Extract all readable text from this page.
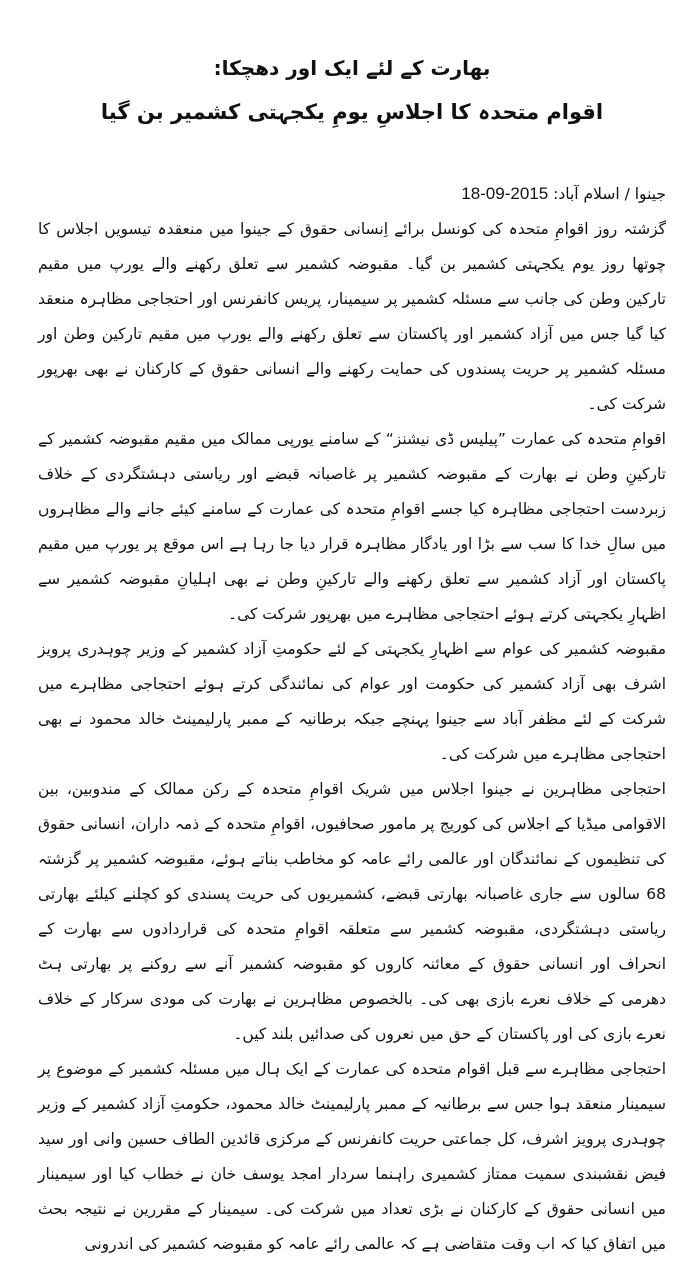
بھارت کے لئے ایک اور دھچکا:
اقوام متحدہ کا اجلاسِ یومِ یکجہتی کشمیر بن گیا
جینوا / اسلام آباد: 18-09-2015

گزشتہ روز اقوامِ متحدہ کی کونسل برائے اِنسانی حقوق کے جینوا میں منعقدہ تیسویں اجلاس کا چوتھا روز یوم یکجہتی کشمیر بن گیا۔ مقبوضہ کشمیر سے تعلق رکھنے والے یورپ میں مقیم تارکین وطن کی جانب سے مسئلہ کشمیر پر سیمینار، پریس کانفرنس اور احتجاجی مظاہرہ منعقد کیا گیا جس میں آزاد کشمیر اور پاکستان سے تعلق رکھنے والے یورپ میں مقیم تارکین وطن اور مسئلہ کشمیر پر حریت پسندوں کی حمایت رکھنے والے انسانی حقوق کے کارکنان نے بھی بھرپور شرکت کی۔

اقوامِ متحدہ کی عمارت ”پیلیس ڈی نیشنز“ کے سامنے یورپی ممالک میں مقیم مقبوضہ کشمیر کے تارکینِ وطن نے بھارت کے مقبوضہ کشمیر پر غاصبانہ قبضے اور ریاستی دہشتگردی کے خلاف زبردست احتجاجی مظاہرہ کیا جسے اقوامِ متحدہ کی عمارت کے سامنے کیئے جانے والے مظاہروں میں سالِ خدا کا سب سے بڑا اور یادگار مظاہرہ قرار دیا جا رہا ہے اس موقع پر یورپ میں مقیم پاکستان اور آزاد کشمیر سے تعلق رکھنے والے تارکینِ وطن نے بھی اہلیانِ مقبوضہ کشمیر سے اظہارِ یکجہتی کرتے ہوئے احتجاجی مظاہرے میں بھرپور شرکت کی۔

مقبوضہ کشمیر کی عوام سے اظہارِ یکجہتی کے لئے حکومتِ آزاد کشمیر کے وزیر چوہدری پرویز اشرف بھی آزاد کشمیر کی حکومت اور عوام کی نمائندگی کرتے ہوئے احتجاجی مظاہرے میں شرکت کے لئے مظفر آباد سے جینوا پہنچے جبکہ برطانیہ کے ممبر پارلیمینٹ خالد محمود نے بھی احتجاجی مظاہرے میں شرکت کی۔

احتجاجی مظاہرین نے جینوا اجلاس میں شریک اقوامِ متحدہ کے رکن ممالک کے مندوبین، بین الاقوامی میڈیا کے اجلاس کی کوریج پر مامور صحافیوں، اقوامِ متحدہ کے ذمہ داران، انسانی حقوق کی تنظیموں کے نمائندگان اور عالمی رائے عامہ کو مخاطب بناتے ہوئے، مقبوضہ کشمیر پر گزشتہ 68 سالوں سے جاری غاصبانہ بھارتی قبضے، کشمیریوں کی حریت پسندی کو کچلنے کیلئے بھارتی ریاستی دہشتگردی، مقبوضہ کشمیر سے متعلقہ اقوامِ متحدہ کی قراردادوں سے بھارت کے انحراف اور انسانی حقوق کے معائنہ کاروں کو مقبوضہ کشمیر آنے سے روکنے پر بھارتی ہٹ دھرمی کے خلاف نعرے بازی بھی کی۔ بالخصوص مظاہرین نے بھارت کی مودی سرکار کے خلاف نعرے بازی کی اور پاکستان کے حق میں نعروں کی صدائیں بلند کیں۔

احتجاجی مظاہرے سے قبل اقوام متحدہ کی عمارت کے ایک ہال میں مسئلہ کشمیر کے موضوع پر سیمینار منعقد ہوا جس سے برطانیہ کے ممبر پارلیمینٹ خالد محمود، حکومتِ آزاد کشمیر کے وزیر چوہدری پرویز اشرف، کل جماعتی حریت کانفرنس کے مرکزی قائدین الطاف حسین وانی اور سید فیض نقشبندی سمیت ممتاز کشمیری راہنما سردار امجد یوسف خان نے خطاب کیا اور سیمینار میں انسانی حقوق کے کارکنان نے بڑی تعداد میں شرکت کی۔ سیمینار کے مقررین نے نتیجہ بحث میں اتفاق کیا کہ اب وقت متقاضی ہے کہ عالمی رائے عامہ کو مقبوضہ کشمیر کی اندرونی
